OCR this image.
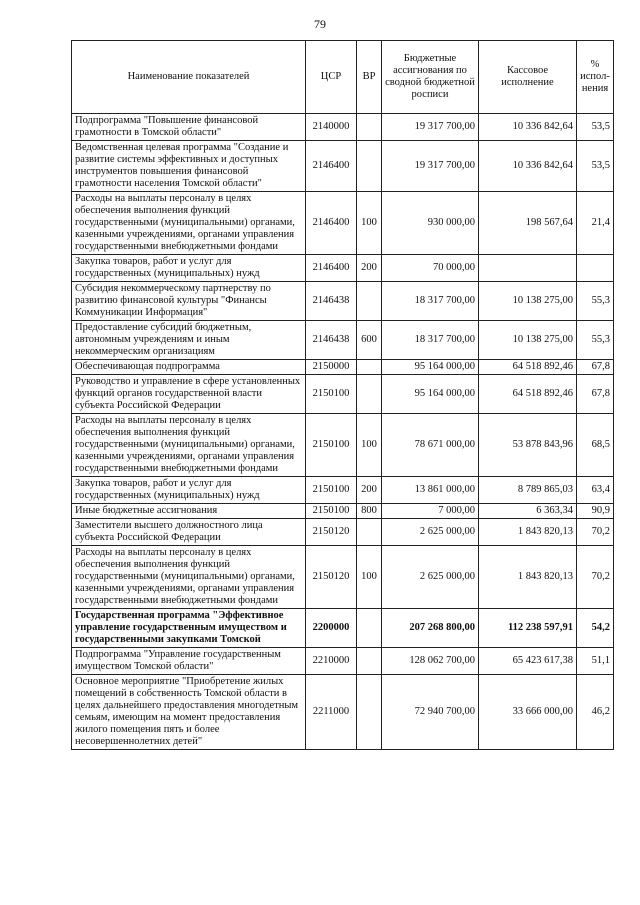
79
Наименование показателей	ЦСР	ВР	Бюджетные ассигнования по сводной бюджетной росписи	Кассовое исполнение	% испол-нения
Подпрограмма "Повышение финансовой грамотности в Томской области"	2140000		19 317 700,00	10 336 842,64	53,5
Ведомственная целевая программа "Создание и развитие системы эффективных и доступных инструментов повышения финансовой грамотности населения Томской области"	2146400		19 317 700,00	10 336 842,64	53,5
Расходы на выплаты персоналу в целях обеспечения выполнения функций государственными (муниципальными) органами, казенными учреждениями, органами управления государственными внебюджетными фондами	2146400	100	930 000,00	198 567,64	21,4
Закупка товаров, работ и услуг для государственных (муниципальных) нужд	2146400	200	70 000,00		
Субсидия некоммерческому партнерству по развитию финансовой культуры "Финансы Коммуникации Информация"	2146438		18 317 700,00	10 138 275,00	55,3
Предоставление субсидий бюджетным, автономным учреждениям и иным некоммерческим организациям	2146438	600	18 317 700,00	10 138 275,00	55,3
Обеспечивающая подпрограмма	2150000		95 164 000,00	64 518 892,46	67,8
Руководство и управление в сфере установленных функций органов государственной власти субъекта Российской Федерации	2150100		95 164 000,00	64 518 892,46	67,8
Расходы на выплаты персоналу в целях обеспечения выполнения функций государственными (муниципальными) органами, казенными учреждениями, органами управления государственными внебюджетными фондами	2150100	100	78 671 000,00	53 878 843,96	68,5
Закупка товаров, работ и услуг для государственных (муниципальных) нужд	2150100	200	13 861 000,00	8 789 865,03	63,4
Иные бюджетные ассигнования	2150100	800	7 000,00	6 363,34	90,9
Заместители высшего должностного лица субъекта Российской Федерации	2150120		2 625 000,00	1 843 820,13	70,2
Расходы на выплаты персоналу в целях обеспечения выполнения функций государственными (муниципальными) органами, казенными учреждениями, органами управления государственными внебюджетными фондами	2150120	100	2 625 000,00	1 843 820,13	70,2
Государственная программа "Эффективное управление государственным имуществом и государственными закупками Томской	2200000		207 268 800,00	112 238 597,91	54,2
Подпрограмма "Управление государственным имуществом Томской области"	2210000		128 062 700,00	65 423 617,38	51,1
Основное мероприятие "Приобретение жилых помещений в собственность Томской области в целях дальнейшего предоставления многодетным семьям, имеющим на момент предоставления жилого помещения пять и более несовершеннолетних детей"	2211000		72 940 700,00	33 666 000,00	46,2
